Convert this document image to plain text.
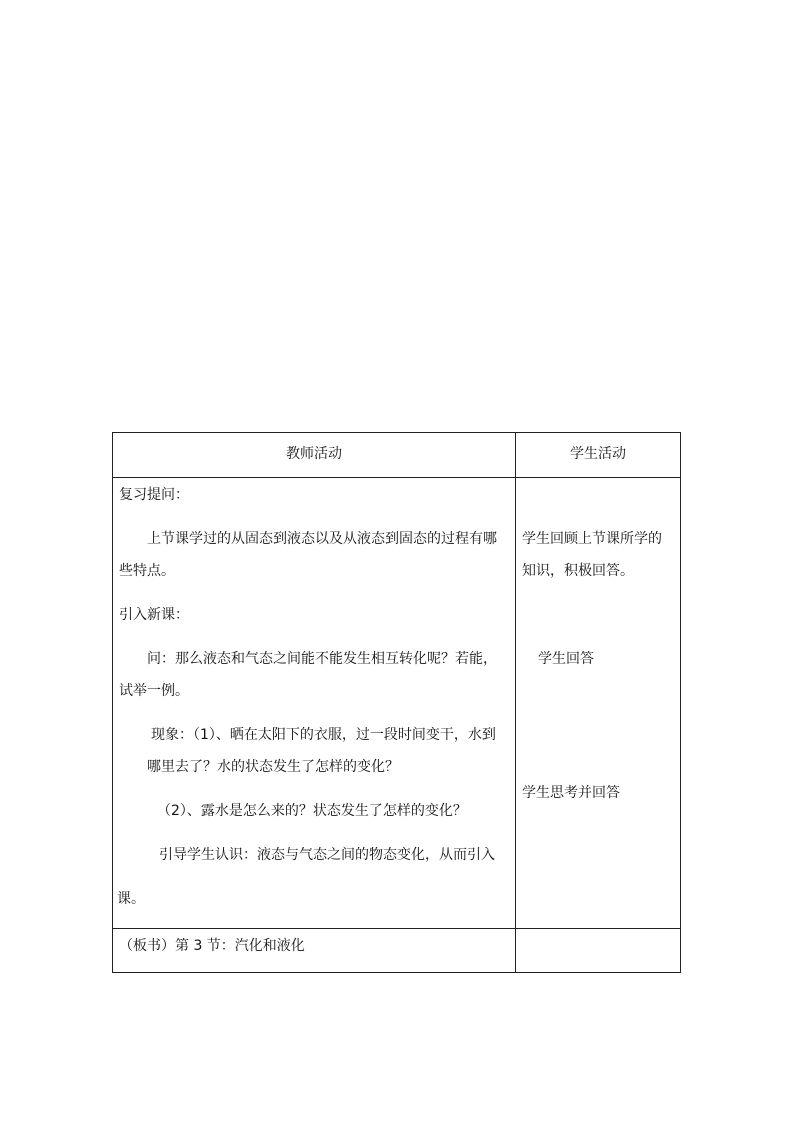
教师活动	学生活动
复习提问：
上节课学过的从固态到液态以及从液态到固态的过程有哪
些特点。
引入新课：
问：那么液态和气态之间能不能发生相互转化呢？若能，
试举一例。
现象：（1）、晒在太阳下的衣服，过一段时间变干，水到
哪里去了？水的状态发生了怎样的变化？
（2）、露水是怎么来的？状态发生了怎样的变化？
引导学生认识：液态与气态之间的物态变化，从而引入
课。
学生回顾上节课所学的
知识，积极回答。
学生回答
学生思考并回答
（板书）第 3 节：汽化和液化
